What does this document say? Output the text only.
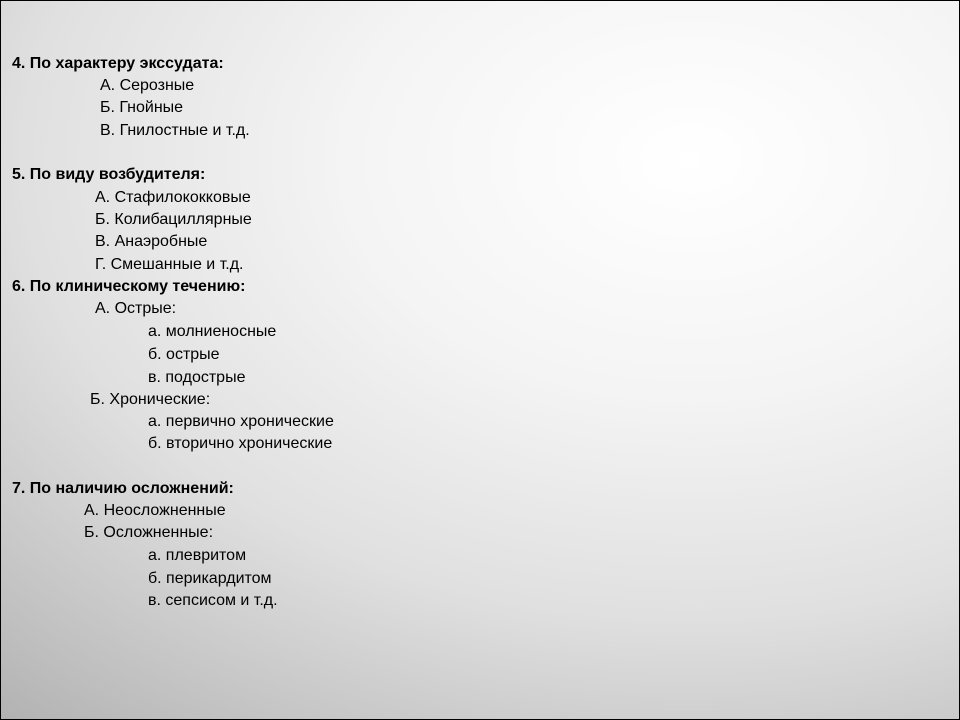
4. По характеру экссудата:
А. Серозные
Б. Гнойные
В. Гнилостные и т.д.
5. По виду возбудителя:
А. Стафилококковые
Б. Колибациллярные
В. Анаэробные
Г. Смешанные и т.д.
6. По клиническому течению:
А. Острые:
а. молниеносные
б. острые
в. подострые
Б. Хронические:
а. первично хронические
б. вторично хронические
7. По наличию осложнений:
А. Неосложненные
Б. Осложненные:
а. плевритом
б. перикардитом
в. сепсисом и т.д.
